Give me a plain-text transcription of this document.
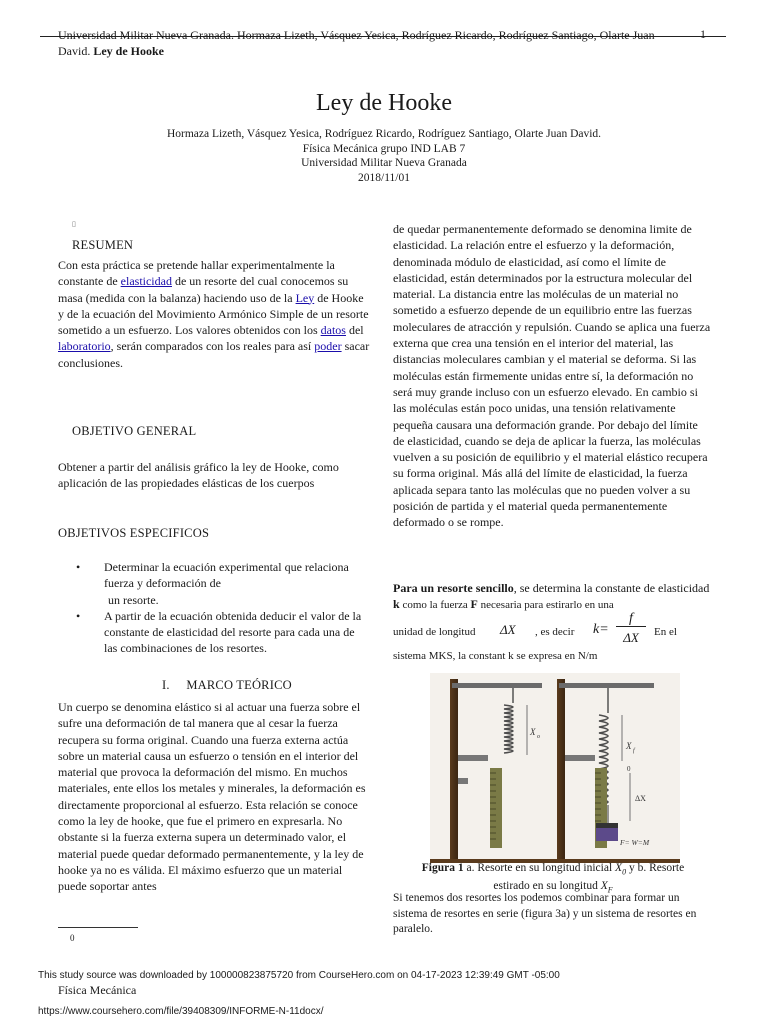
Universidad Militar Nueva Granada. Hormaza Lizeth, Vásquez Yesica, Rodríguez Ricardo, Rodríguez Santiago, Olarte Juan
David. Ley de Hooke
1
Ley de Hooke
Hormaza Lizeth, Vásquez Yesica, Rodríguez Ricardo, Rodríguez Santiago, Olarte Juan David.
Física Mecánica grupo IND LAB 7
Universidad Militar Nueva Granada
2018/11/01
▯
RESUMEN
Con esta práctica se pretende hallar experimentalmente la constante de elasticidad de un resorte del cual conocemos su masa (medida con la balanza) haciendo uso de la Ley de Hooke y de la ecuación del Movimiento Armónico Simple de un resorte sometido a un esfuerzo. Los valores obtenidos con los datos del laboratorio, serán comparados con los reales para así poder sacar conclusiones.
OBJETIVO GENERAL
Obtener a partir del análisis gráfico la ley de Hooke, como aplicación de las propiedades elásticas de los cuerpos
OBJETIVOS ESPECIFICOS
• Determinar la ecuación experimental que relaciona fuerza y deformación de
un resorte.
• A partir de la ecuación obtenida deducir el valor de la constante de elasticidad del resorte para cada una de las combinaciones de los resortes.
I. MARCO TEÓRICO
Un cuerpo se denomina elástico si al actuar una fuerza sobre el sufre una deformación de tal manera que al cesar la fuerza recupera su forma original. Cuando una fuerza externa actúa sobre un material causa un esfuerzo o tensión en el interior del material que provoca la deformación del mismo. En muchos materiales, ente ellos los metales y minerales, la deformación es directamente proporcional al esfuerzo. Esta relación se conoce como la ley de hooke, que fue el primero en expresarla. No obstante si la fuerza externa supera un determinado valor, el material puede quedar deformado permanentemente, y la ley de hooke ya no es válida. El máximo esfuerzo que un material puede soportar antes
de quedar permanentemente deformado se denomina limite de elasticidad. La relación entre el esfuerzo y la deformación, denominada módulo de elasticidad, así como el límite de elasticidad, están determinados por la estructura molecular del material. La distancia entre las moléculas de un material no sometido a esfuerzo depende de un equilibrio entre las fuerzas moleculares de atracción y repulsión. Cuando se aplica una fuerza externa que crea una tensión en el interior del material, las distancias moleculares cambian y el material se deforma. Si las moléculas están firmemente unidas entre sí, la deformación no será muy grande incluso con un esfuerzo elevado. En cambio si las moléculas están poco unidas, una tensión relativamente pequeña causara una deformación grande. Por debajo del límite de elasticidad, cuando se deja de aplicar la fuerza, las moléculas vuelven a su posición de equilibrio y el material elástico recupera su forma original. Más allá del límite de elasticidad, la fuerza aplicada separa tanto las moléculas que no pueden volver a su posición de partida y el material queda permanentemente deformado o se rompe.
Para un resorte sencillo, se determina la constante de elasticidad k como la fuerza F necesaria para estirarlo en una
unidad de longitud ΔX , es decir k=
f
ΔX	En el
sistema MKS, la constant k se expresa en N/m
X o
X f
0
ΔX
F= W=M
Figura 1 a. Resorte en su longitud inicial $X_0$ y b. Resorte
estirado en su longitud $X_F$
Si tenemos dos resortes los podemos combinar para formar un sistema de resortes en serie (figura 3a) y un sistema de resortes en paralelo.
0
This study source was downloaded by 100000823875720 from CourseHero.com on 04-17-2023 12:39:49 GMT -05:00
Física Mecánica
https://www.coursehero.com/file/39408309/INFORME-N-11docx/
